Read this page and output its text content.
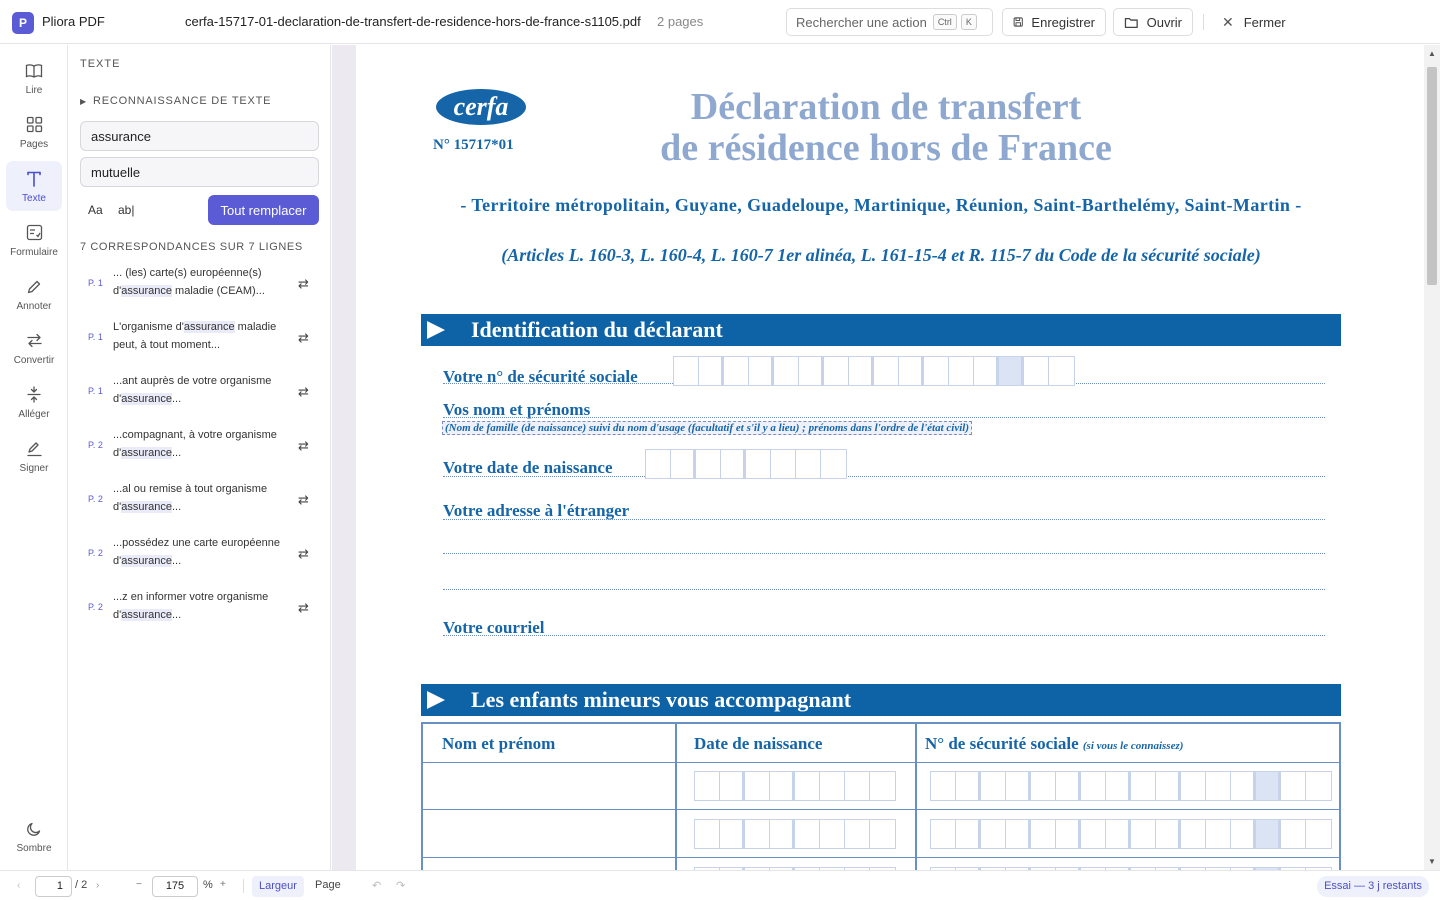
P	Pliora PDF	cerfa-15717-01-declaration-de-transfert-de-residence-hors-de-france-s1105.pdf 2 pages	Rechercher une action	Ctrl	K	Enregistrer	Ouvrir	✕ Fermer
Lire
Pages
Texte
Formulaire
Annoter
Convertir
Alléger
Signer
Sombre
TEXTE
▶ RECONNAISSANCE DE TEXTE
assurance
mutuelle
Aa ab|	Tout remplacer
7 CORRESPONDANCES SUR 7 LIGNES
P. 1
... (les) carte(s) européenne(s) d'assurance maladie (CEAM)...	⇄
P. 1
L'organisme d'assurance maladie peut, à tout moment...	⇄
P. 1
...ant auprès de votre organisme d'assurance...	⇄
P. 2
...compagnant, à votre organisme d'assurance...	⇄
P. 2
...al ou remise à tout organisme d'assurance...	⇄
P. 2
...possédez une carte européenne d'assurance...	⇄
P. 2
...z en informer votre organisme d'assurance...	⇄
cerfa
N° 15717*01
Déclaration de transfert
de résidence hors de France
- Territoire métropolitain, Guyane, Guadeloupe, Martinique, Réunion, Saint-Barthelémy, Saint-Martin -
(Articles L. 160-3, L. 160-4, L. 160-7 1er alinéa, L. 161-15-4 et R. 115-7 du Code de la sécurité sociale)
Identification du déclarant
Votre n° de sécurité sociale
Vos nom et prénoms
(Nom de famille (de naissance) suivi du nom d'usage (facultatif et s'il y a lieu) ; prénoms dans l'ordre de l'état civil)
Votre date de naissance
Votre adresse à l'étranger
Votre courriel
Les enfants mineurs vous accompagnant
Nom et prénom	Date de naissance	N° de sécurité sociale (si vous le connaissez)
▲
▼
‹	1	/ 2 ›	−	175	% +	Largeur	Page	↶ ↷	Essai — 3 j restants
